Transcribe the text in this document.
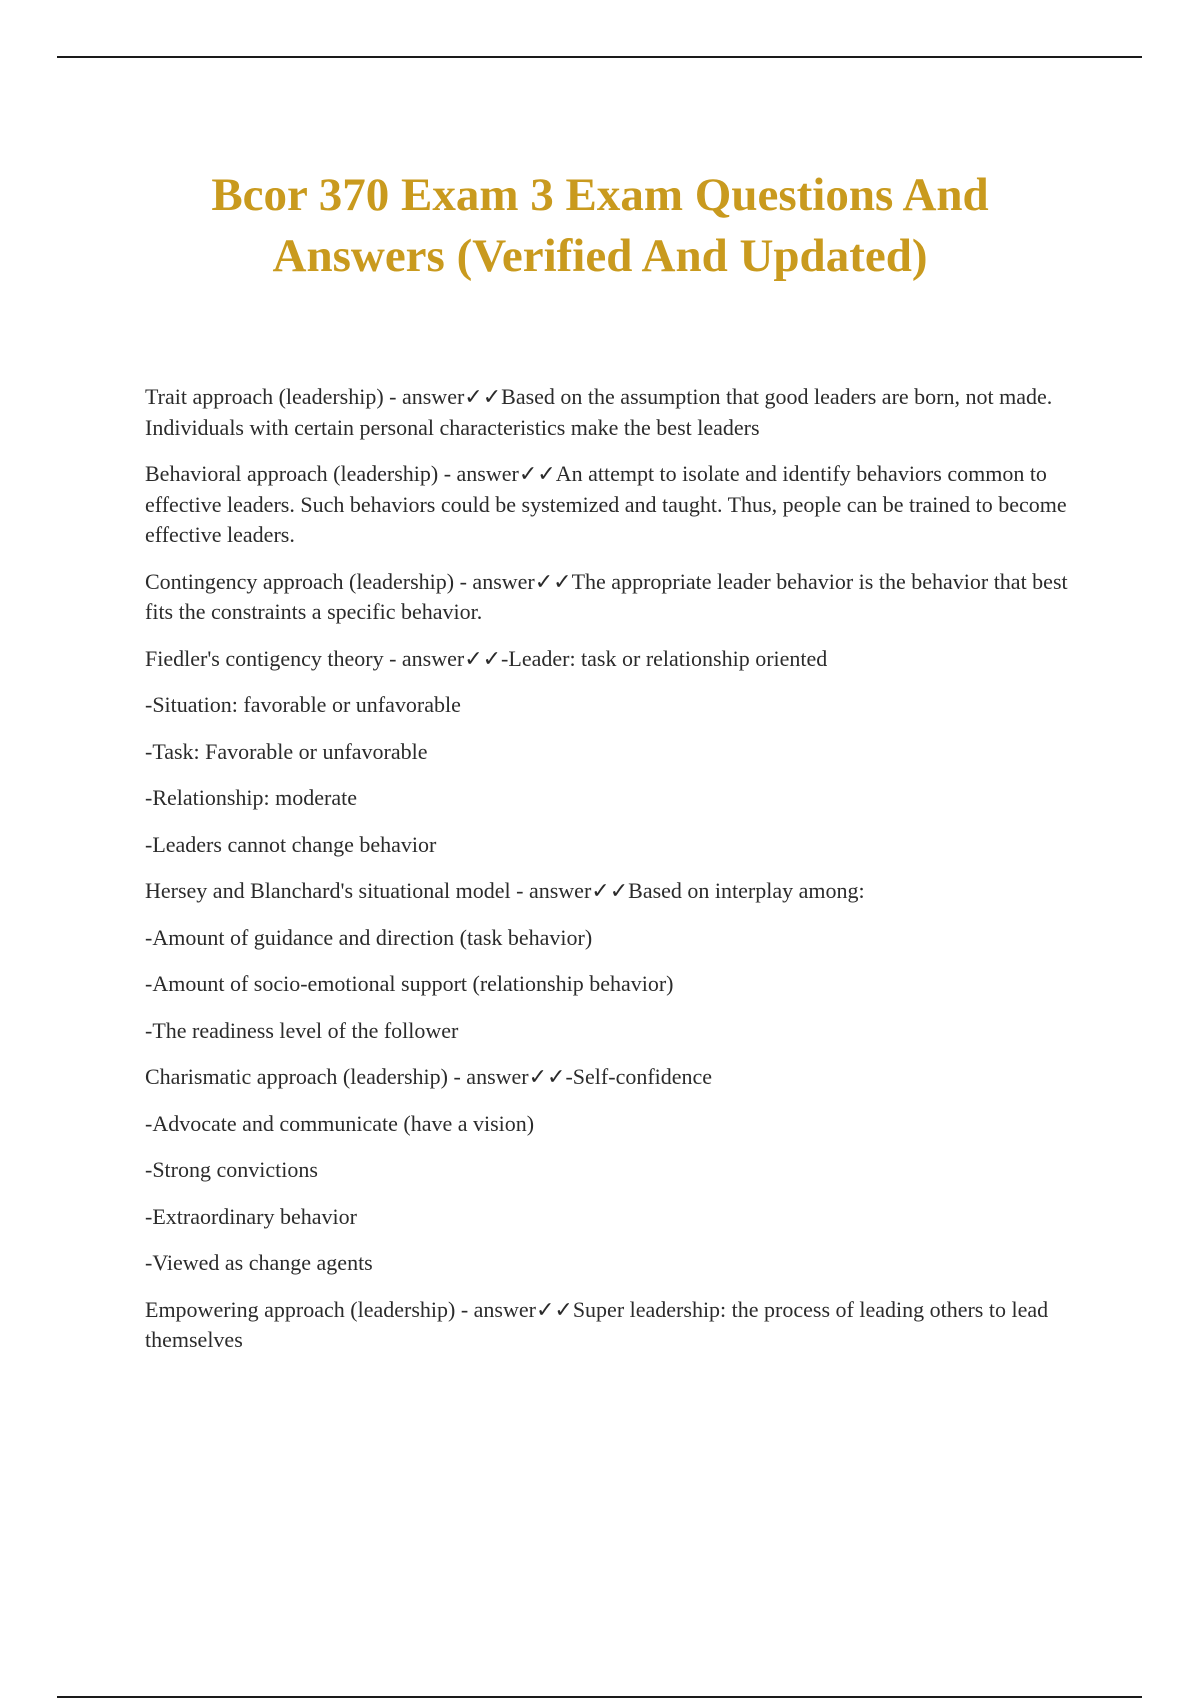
Bcor 370 Exam 3 Exam Questions And
Answers (Verified And Updated)

Trait approach (leadership) - answer✓✓Based on the assumption that good leaders are born, not made. Individuals with certain personal characteristics make the best leaders

Behavioral approach (leadership) - answer✓✓An attempt to isolate and identify behaviors common to effective leaders. Such behaviors could be systemized and taught. Thus, people can be trained to become effective leaders.

Contingency approach (leadership) - answer✓✓The appropriate leader behavior is the behavior that best fits the constraints a specific behavior.

Fiedler's contigency theory - answer✓✓-Leader: task or relationship oriented

-Situation: favorable or unfavorable

-Task: Favorable or unfavorable

-Relationship: moderate

-Leaders cannot change behavior

Hersey and Blanchard's situational model - answer✓✓Based on interplay among:

-Amount of guidance and direction (task behavior)

-Amount of socio-emotional support (relationship behavior)

-The readiness level of the follower

Charismatic approach (leadership) - answer✓✓-Self-confidence

-Advocate and communicate (have a vision)

-Strong convictions

-Extraordinary behavior

-Viewed as change agents

Empowering approach (leadership) - answer✓✓Super leadership: the process of leading others to lead themselves
